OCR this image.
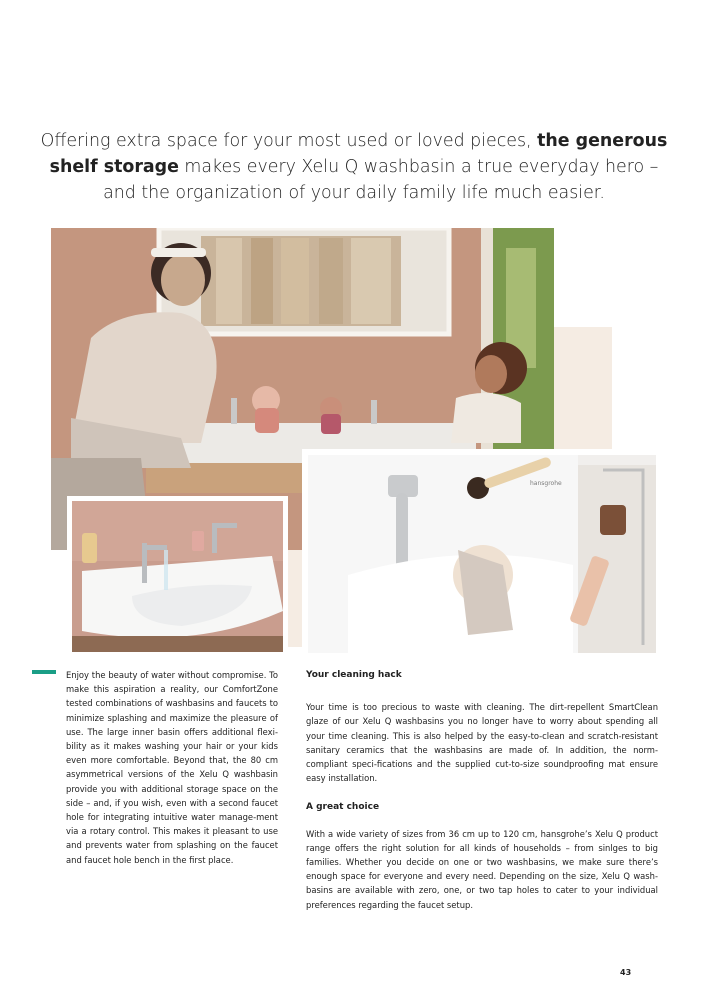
Offering extra space for your most used or loved pieces, the generous shelf storage makes every Xelu Q washbasin a true everyday hero – and the organization of your daily family life much easier.
hansgrohe

Enjoy the beauty of water without compromise. To make this aspiration a reality, our ComfortZone tested combinations of washbasins and faucets to minimize splashing and maximize the pleasure of use. The large inner basin offers additional flexi-bility as it makes washing your hair or your kids even more comfortable. Beyond that, the 80 cm asymmetrical versions of the Xelu Q washbasin provide you with additional storage space on the side – and, if you wish, even with a second faucet hole for integrating intuitive water manage-ment via a rotary control. This makes it pleasant to use and prevents water from splashing on the faucet and faucet hole bench in the first place.

Your cleaning hack

Your time is too precious to waste with cleaning. The dirt-repellent SmartClean glaze of our Xelu Q washbasins you no longer have to worry about spending all your time cleaning. This is also helped by the easy-to-clean and scratch-resistant sanitary ceramics that the washbasins are made of. In addition, the norm-compliant speci-fications and the supplied cut-to-size soundproofing mat ensure easy installation.

A great choice

With a wide variety of sizes from 36 cm up to 120 cm, hansgrohe’s Xelu Q product range offers the right solution for all kinds of households – from sinlges to big families. Whether you decide on one or two washbasins, we make sure there’s enough space for everyone and every need. Depending on the size, Xelu Q wash-basins are available with zero, one, or two tap holes to cater to your individual preferences regarding the faucet setup.

43
